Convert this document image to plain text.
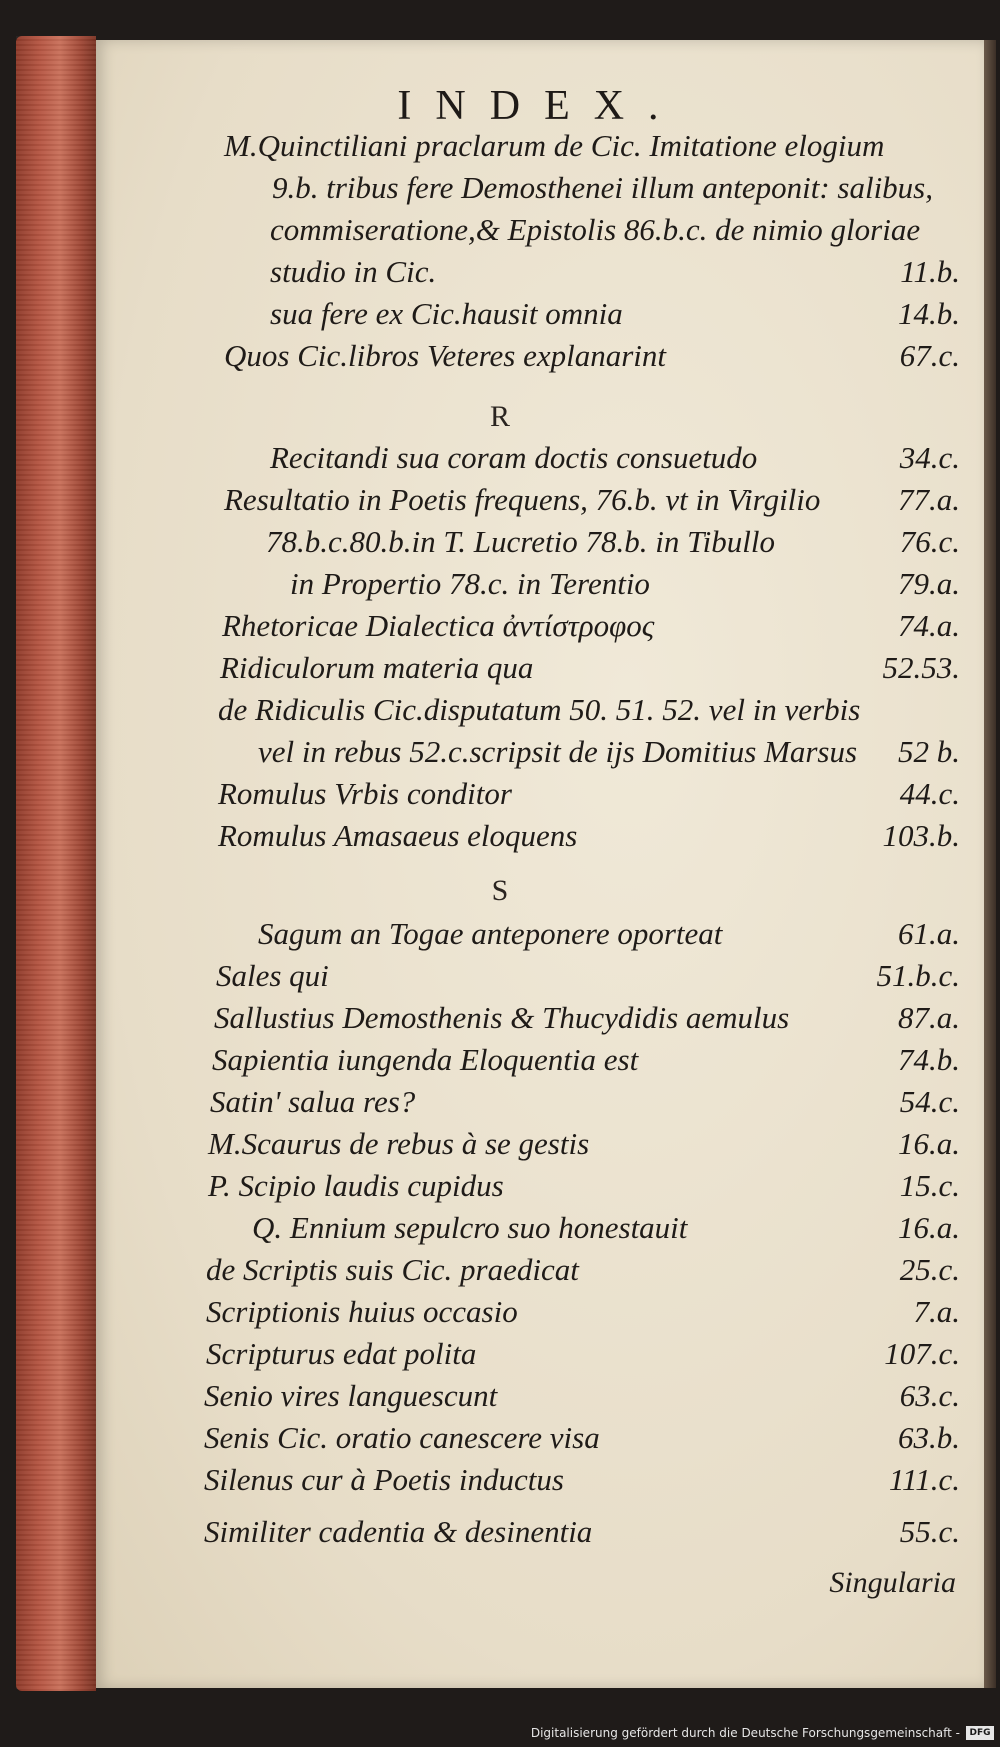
INDEX.
M.Quinctiliani praclarum de Cic. Imitatione elogium
9.b. tribus fere Demosthenei illum anteponit: salibus,
commiseratione,& Epistolis 86.b.c. de nimio gloriae
studio in Cic.	11.b.
sua fere ex Cic.hausit omnia	14.b.
Quos Cic.libros Veteres explanarint	67.c.
R
Recitandi sua coram doctis consuetudo	34.c.
Resultatio in Poetis frequens, 76.b. vt in Virgilio	77.a.
78.b.c.80.b.in T. Lucretio 78.b. in Tibullo	76.c.
in Propertio 78.c. in Terentio	79.a.
Rhetoricae Dialectica ἀντίστροφος	74.a.
Ridiculorum materia qua	52.53.
de Ridiculis Cic.disputatum 50. 51. 52. vel in verbis
vel in rebus 52.c.scripsit de ijs Domitius Marsus 52 b.
Romulus Vrbis conditor	44.c.
Romulus Amasaeus eloquens	103.b.
S
Sagum an Togae anteponere oporteat	61.a.
Sales qui	51.b.c.
Sallustius Demosthenis & Thucydidis aemulus	87.a.
Sapientia iungenda Eloquentia est	74.b.
Satin' salua res?	54.c.
M.Scaurus de rebus à se gestis	16.a.
P. Scipio laudis cupidus	15.c.
Q. Ennium sepulcro suo honestauit	16.a.
de Scriptis suis Cic. praedicat	25.c.
Scriptionis huius occasio	7.a.
Scripturus edat polita	107.c.
Senio vires languescunt	63.c.
Senis Cic. oratio canescere visa	63.b.
Silenus cur à Poetis inductus	111.c.
Similiter cadentia & desinentia	55.c.
Singularia
Digitalisierung gefördert durch die Deutsche Forschungsgemeinschaft -	DFG
